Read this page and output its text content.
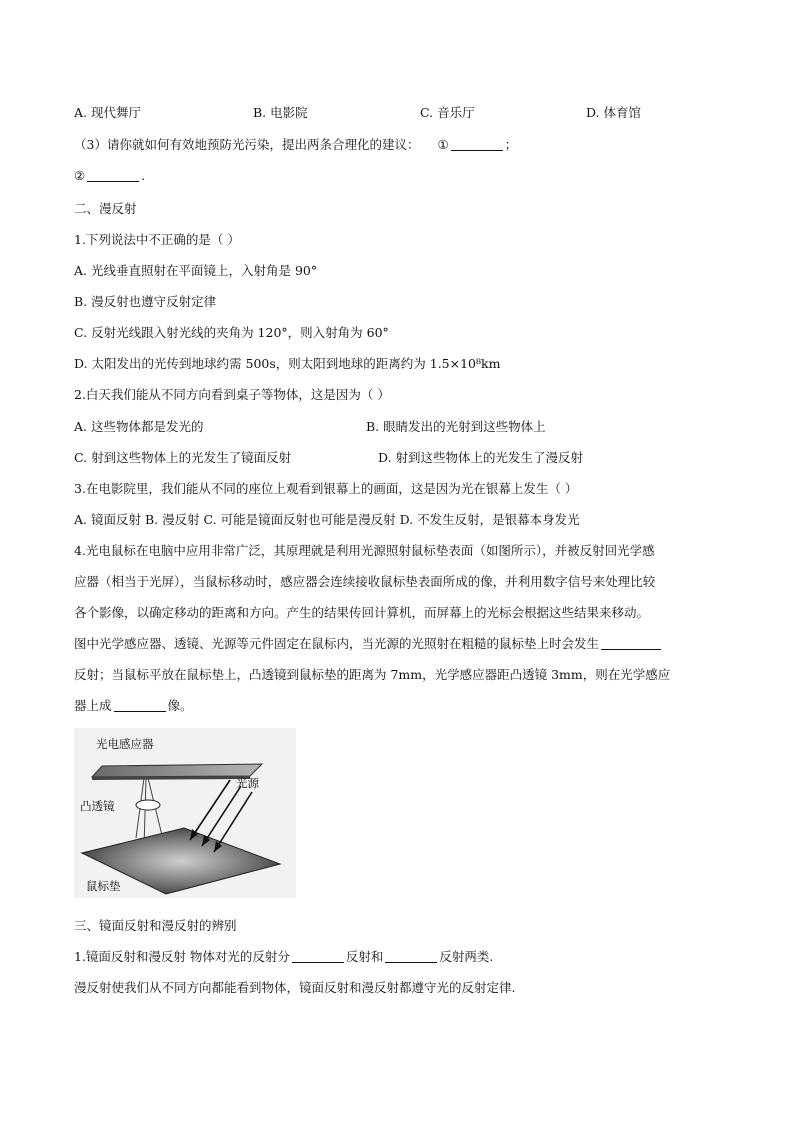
A. 现代舞厅	B. 电影院	C. 音乐厅	D. 体育馆
（3）请你就如何有效地预防光污染，提出两条合理化的建议： ①	；
②	.
二、漫反射
1.下列说法中不正确的是（ ）
A. 光线垂直照射在平面镜上，入射角是 90°
B. 漫反射也遵守反射定律
C. 反射光线跟入射光线的夹角为 120°，则入射角为 60°
D. 太阳发出的光传到地球约需 500s，则太阳到地球的距离约为 1.5×10⁸km
2.白天我们能从不同方向看到桌子等物体，这是因为（ ）
A. 这些物体都是发光的	B. 眼睛发出的光射到这些物体上
C. 射到这些物体上的光发生了镜面反射	D. 射到这些物体上的光发生了漫反射
3.在电影院里，我们能从不同的座位上观看到银幕上的画面，这是因为光在银幕上发生（ ）
A. 镜面反射 B. 漫反射 C. 可能是镜面反射也可能是漫反射 D. 不发生反射，是银幕本身发光
4.光电鼠标在电脑中应用非常广泛，其原理就是利用光源照射鼠标垫表面（如图所示），并被反射回光学感
应器（相当于光屏），当鼠标移动时，感应器会连续接收鼠标垫表面所成的像，并利用数字信号来处理比较
各个影像，以确定移动的距离和方向。产生的结果传回计算机，而屏幕上的光标会根据这些结果来移动。
图中光学感应器、透镜、光源等元件固定在鼠标内，当光源的光照射在粗糙的鼠标垫上时会发生
反射；当鼠标平放在鼠标垫上，凸透镜到鼠标垫的距离为 7mm，光学感应器距凸透镜 3mm，则在光学感应
器上成	像。
光电感应器
光源
凸透镜
鼠标垫
三、镜面反射和漫反射的辨别
1.镜面反射和漫反射 物体对光的反射分	反射和	反射两类.
漫反射使我们从不同方向都能看到物体，镜面反射和漫反射都遵守光的反射定律.
